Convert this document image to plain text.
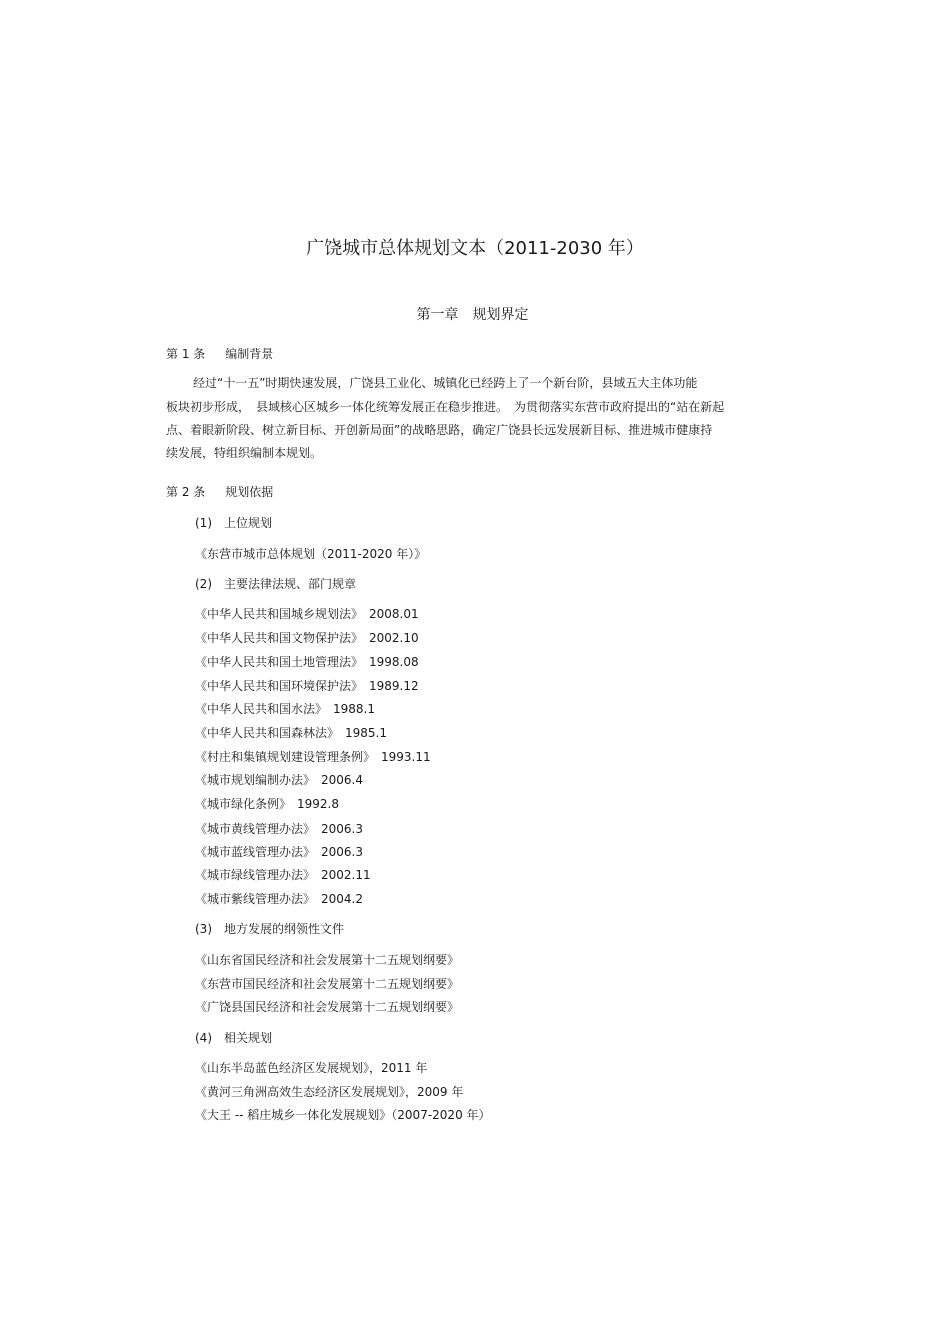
广饶城市总体规划文本（2011-2030 年）
第一章　规划界定
第 1 条 编制背景

经过“十一五”时期快速发展，广饶县工业化、城镇化已经跨上了一个新台阶，县域五大主体功能

板块初步形成，　县域核心区城乡一体化统筹发展正在稳步推进。　为贯彻落实东营市政府提出的“站在新起

点、着眼新阶段、树立新目标、开创新局面”的战略思路，确定广饶县长远发展新目标、推进城市健康持

续发展，特组织编制本规划。

第 2 条 规划依据
(1)　上位规划
《东营市城市总体规划（2011-2020 年）》
(2)　主要法律法规、部门规章
《中华人民共和国城乡规划法》　2008.01
《中华人民共和国文物保护法》　2002.10
《中华人民共和国土地管理法》　1998.08
《中华人民共和国环境保护法》　1989.12
《中华人民共和国水法》　1988.1
《中华人民共和国森林法》　1985.1
《村庄和集镇规划建设管理条例》　1993.11
《城市规划编制办法》　2006.4
《城市绿化条例》　1992.8
《城市黄线管理办法》　2006.3
《城市蓝线管理办法》　2006.3
《城市绿线管理办法》　2002.11
《城市紫线管理办法》　2004.2
(3)　地方发展的纲领性文件
《山东省国民经济和社会发展第十二五规划纲要》
《东营市国民经济和社会发展第十二五规划纲要》
《广饶县国民经济和社会发展第十二五规划纲要》
(4)　相关规划
《山东半岛蓝色经济区发展规划》，2011 年
《黄河三角洲高效生态经济区发展规划》，2009 年
《大王 -- 稻庄城乡一体化发展规划》（2007-2020 年）
